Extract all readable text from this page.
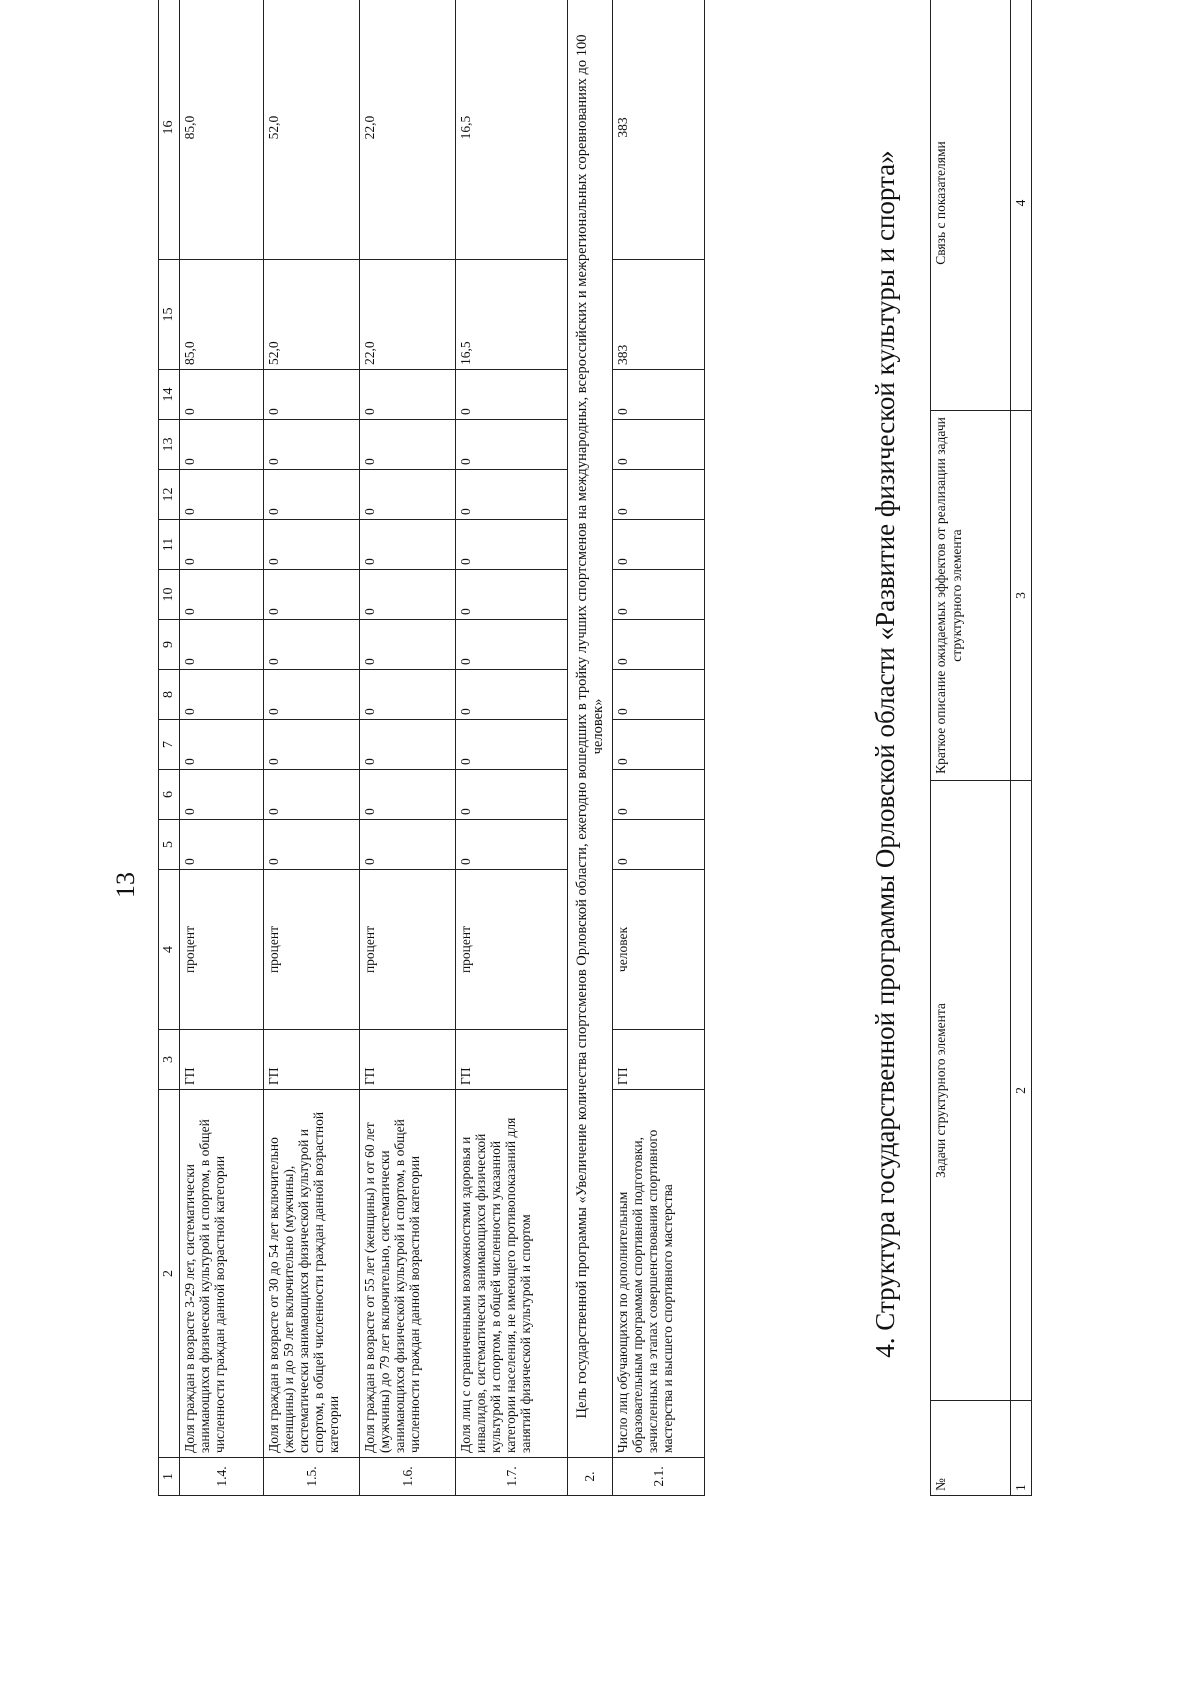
13
1	2	3	4	5	6	7	8	9	10	11	12	13	14	15	16
1.4.	Доля граждан в возрасте 3-29 лет, систематически занимающихся физической культурой и спортом, в общей численности граждан данной возрастной категории	ГП	процент	0	0	0	0	0	0	0	0	0	0	85,0	85,0
1.5.	Доля граждан в возрасте от 30 до 54 лет включительно (женщины) и до 59 лет включительно (мужчины), систематически занимающихся физической культурой и спортом, в общей численности граждан данной возрастной категории	ГП	процент	0	0	0	0	0	0	0	0	0	0	52,0	52,0
1.6.	Доля граждан в возрасте от 55 лет (женщины) и от 60 лет (мужчины) до 79 лет включительно, систематически занимающихся физической культурой и спортом, в общей численности граждан данной возрастной категории	ГП	процент	0	0	0	0	0	0	0	0	0	0	22,0	22,0
1.7.	Доля лиц с ограниченными возможностями здоровья и инвалидов, систематически занимающихся физической культурой и спортом, в общей численности указанной категории населения, не имеющего противопоказаний для занятий физической культурой и спортом	ГП	процент	0	0	0	0	0	0	0	0	0	0	16,5	16,5
2.	Цель государственной программы «Увеличение количества спортсменов Орловской области, ежегодно вошедших в тройку лучших спортсменов на международных, всероссийских и межрегиональных соревнованиях до 100 человек»														
2.1.	Число лиц обучающихся по дополнительным образовательным программам спортивной подготовки, зачисленных на этапах совершенствования спортивного мастерства и высшего спортивного мастерства	ГП	человек	0	0	0	0	0	0	0	0	0	0	383	383
4. Структура государственной программы Орловской области «Развитие физической культуры и спорта»
№	Задачи структурного элемента	Краткое описание ожидаемых эффектов от реализации задачи структурного элемента	Связь с показателями
1	2	3	4
